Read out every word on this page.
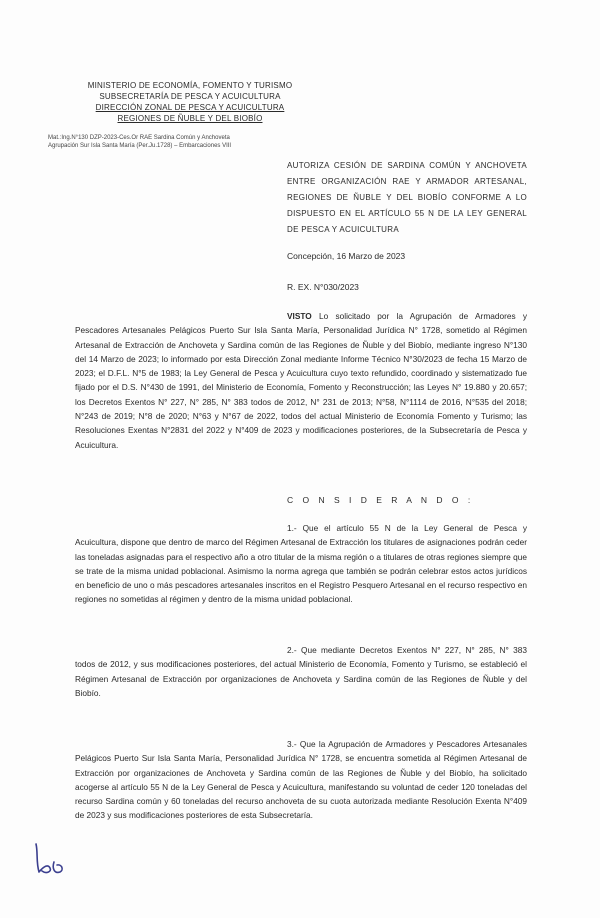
MINISTERIO DE ECONOMÍA, FOMENTO Y TURISMO
SUBSECRETARÍA DE PESCA Y ACUICULTURA
DIRECCIÓN ZONAL DE PESCA Y ACUICULTURA
REGIONES DE ÑUBLE Y DEL BIOBÍO
Mat.:Ing.N°130 DZP-2023-Ces.Or RAE Sardina Común y Anchoveta
Agrupación Sur Isla Santa María (Per.Ju.1728) – Embarcaciones VIII
AUTORIZA CESIÓN DE SARDINA COMÚN Y ANCHOVETA ENTRE ORGANIZACIÓN RAE Y ARMADOR ARTESANAL, REGIONES DE ÑUBLE Y DEL BIOBÍO CONFORME A LO DISPUESTO EN EL ARTÍCULO 55 N DE LA LEY GENERAL DE PESCA Y ACUICULTURA
Concepción, 16 Marzo de 2023
R. EX. N°030/2023
VISTO Lo solicitado por la Agrupación de Armadores y Pescadores Artesanales Pelágicos Puerto Sur Isla Santa María, Personalidad Jurídica N° 1728, sometido al Régimen Artesanal de Extracción de Anchoveta y Sardina común de las Regiones de Ñuble y del Biobío, mediante ingreso N°130 del 14 Marzo de 2023; lo informado por esta Dirección Zonal mediante Informe Técnico N°30/2023 de fecha 15 Marzo de 2023; el D.F.L. N°5 de 1983; la Ley General de Pesca y Acuicultura cuyo texto refundido, coordinado y sistematizado fue fijado por el D.S. N°430 de 1991, del Ministerio de Economía, Fomento y Reconstrucción; las Leyes N° 19.880 y 20.657; los Decretos Exentos N° 227, N° 285, N° 383 todos de 2012, N° 231 de 2013; N°58, N°1114 de 2016, N°535 del 2018; N°243 de 2019; N°8 de 2020; N°63 y N°67 de 2022, todos del actual Ministerio de Economía Fomento y Turismo; las Resoluciones Exentas N°2831 del 2022 y N°409 de 2023 y modificaciones posteriores, de la Subsecretaría de Pesca y Acuicultura.
C O N S I D E R A N D O :
1.- Que el artículo 55 N de la Ley General de Pesca y Acuicultura, dispone que dentro de marco del Régimen Artesanal de Extracción los titulares de asignaciones podrán ceder las toneladas asignadas para el respectivo año a otro titular de la misma región o a titulares de otras regiones siempre que se trate de la misma unidad poblacional. Asimismo la norma agrega que también se podrán celebrar estos actos jurídicos en beneficio de uno o más pescadores artesanales inscritos en el Registro Pesquero Artesanal en el recurso respectivo en regiones no sometidas al régimen y dentro de la misma unidad poblacional.
2.- Que mediante Decretos Exentos N° 227, N° 285, N° 383 todos de 2012, y sus modificaciones posteriores, del actual Ministerio de Economía, Fomento y Turismo, se estableció el Régimen Artesanal de Extracción por organizaciones de Anchoveta y Sardina común de las Regiones de Ñuble y del Biobío.
3.- Que la Agrupación de Armadores y Pescadores Artesanales Pelágicos Puerto Sur Isla Santa María, Personalidad Jurídica N° 1728, se encuentra sometida al Régimen Artesanal de Extracción por organizaciones de Anchoveta y Sardina común de las Regiones de Ñuble y del Biobío, ha solicitado acogerse al artículo 55 N de la Ley General de Pesca y Acuicultura, manifestando su voluntad de ceder 120 toneladas del recurso Sardina común y 60 toneladas del recurso anchoveta de su cuota autorizada mediante Resolución Exenta N°409 de 2023 y sus modificaciones posteriores de esta Subsecretaría.
